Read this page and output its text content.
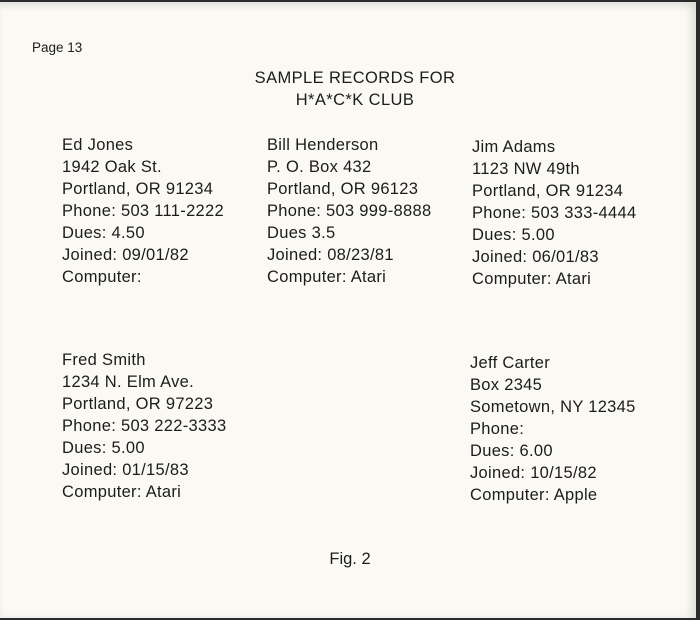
Page 13
SAMPLE RECORDS FOR
H*A*C*K CLUB
Ed Jones
1942 Oak St.
Portland, OR 91234
Phone: 503 111-2222
Dues: 4.50
Joined: 09/01/82
Computer:
Bill Henderson
P. O. Box 432
Portland, OR 96123
Phone: 503 999-8888
Dues 3.5
Joined: 08/23/81
Computer: Atari
Jim Adams
1123 NW 49th
Portland, OR 91234
Phone: 503 333-4444
Dues: 5.00
Joined: 06/01/83
Computer: Atari
Fred Smith
1234 N. Elm Ave.
Portland, OR 97223
Phone: 503 222-3333
Dues: 5.00
Joined: 01/15/83
Computer: Atari
Jeff Carter
Box 2345
Sometown, NY 12345
Phone:
Dues: 6.00
Joined: 10/15/82
Computer: Apple
Fig. 2
